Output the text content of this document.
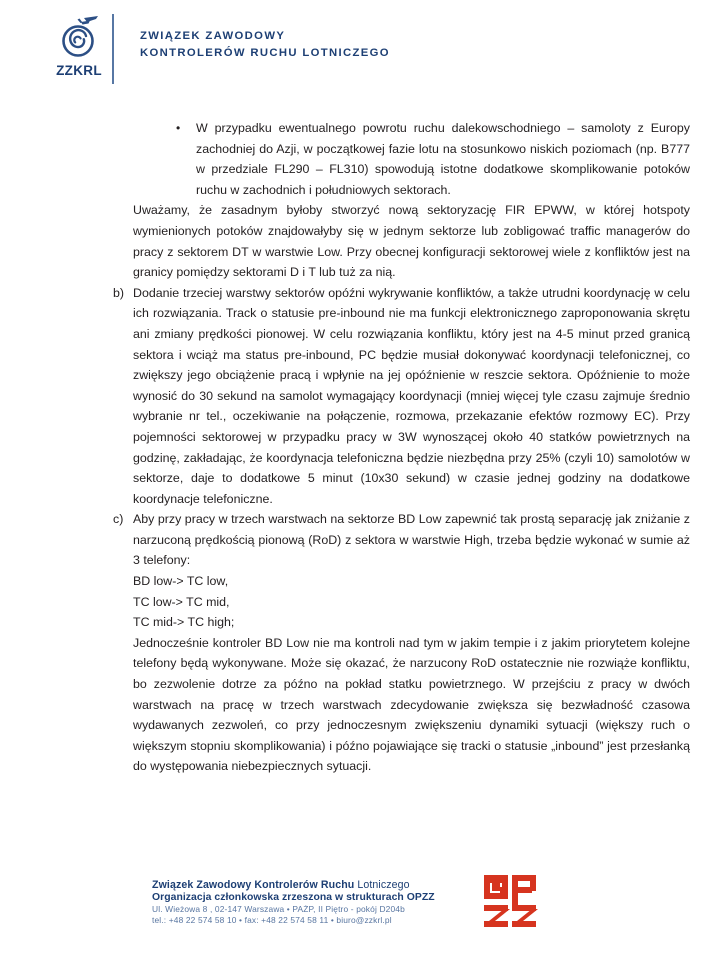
ZZKRL
ZWIĄZEK ZAWODOWY
KONTROLERÓW RUCHU LOTNICZEGO
•	W przypadku ewentualnego powrotu ruchu dalekowschodniego – samoloty z Europy zachodniej do Azji, w początkowej fazie lotu na stosunkowo niskich poziomach (np. B777 w przedziale FL290 – FL310) spowodują istotne dodatkowe skomplikowanie potoków ruchu w zachodnich i południowych sektorach.

Uważamy, że zasadnym byłoby stworzyć nową sektoryzację FIR EPWW, w której hotspoty wymienionych potoków znajdowałyby się w jednym sektorze lub zobligować traffic managerów do pracy z sektorem DT w warstwie Low. Przy obecnej konfiguracji sektorowej wiele z konfliktów jest na granicy pomiędzy sektorami D i T lub tuż za nią.

b) Dodanie trzeciej warstwy sektorów opóźni wykrywanie konfliktów, a także utrudni koordynację w celu ich rozwiązania. Track o statusie pre-inbound nie ma funkcji elektronicznego zaproponowania skrętu ani zmiany prędkości pionowej. W celu rozwiązania konfliktu, który jest na 4-5 minut przed granicą sektora i wciąż ma status pre-inbound, PC będzie musiał dokonywać koordynacji telefonicznej, co zwiększy jego obciążenie pracą i wpłynie na jej opóźnienie w reszcie sektora. Opóźnienie to może wynosić do 30 sekund na samolot wymagający koordynacji (mniej więcej tyle czasu zajmuje średnio wybranie nr tel., oczekiwanie na połączenie, rozmowa, przekazanie efektów rozmowy EC). Przy pojemności sektorowej w przypadku pracy w 3W wynoszącej około 40 statków powietrznych na godzinę, zakładając, że koordynacja telefoniczna będzie niezbędna przy 25% (czyli 10) samolotów w sektorze, daje to dodatkowe 5 minut (10x30 sekund) w czasie jednej godziny na dodatkowe koordynacje telefoniczne.
c) Aby przy pracy w trzech warstwach na sektorze BD Low zapewnić tak prostą separację jak zniżanie z narzuconą prędkością pionową (RoD) z sektora w warstwie High, trzeba będzie wykonać w sumie aż 3 telefony:
BD low-> TC low,
TC low-> TC mid,
TC mid-> TC high;
Jednocześnie kontroler BD Low nie ma kontroli nad tym w jakim tempie i z jakim priorytetem kolejne telefony będą wykonywane. Może się okazać, że narzucony RoD ostatecznie nie rozwiąże konfliktu, bo zezwolenie dotrze za późno na pokład statku powietrznego. W przejściu z pracy w dwóch warstwach na pracę w trzech warstwach zdecydowanie zwiększa się bezwładność czasowa wydawanych zezwoleń, co przy jednoczesnym zwiększeniu dynamiki sytuacji (większy ruch o większym stopniu skomplikowania) i późno pojawiające się tracki o statusie „inbound” jest przesłanką do występowania niebezpiecznych sytuacji.
Związek Zawodowy Kontrolerów Ruchu Lotniczego
Organizacja członkowska zrzeszona w strukturach OPZZ
Ul. Wieżowa 8 , 02-147 Warszawa • PAŻP, II Piętro - pokój D204b
tel.: +48 22 574 58 10 • fax: +48 22 574 58 11 • biuro@zzkrl.pl
